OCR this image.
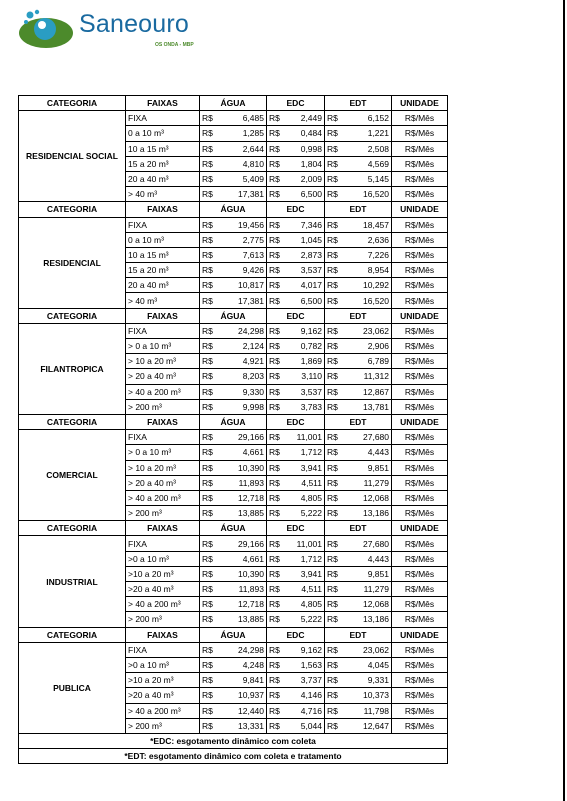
Saneouro
OS ONDA - MBP
CATEGORIA	FAIXAS	ÁGUA	EDC	EDT	UNIDADE
RESIDENCIAL SOCIAL	FIXA	R$ 6,485	R$ 2,449	R$ 6,152	R$/Mês
	0 a 10 m³	R$ 1,285	R$ 0,484	R$ 1,221	R$/Mês
	10 a 15 m³	R$ 2,644	R$ 0,998	R$ 2,508	R$/Mês
	15 a 20 m³	R$ 4,810	R$ 1,804	R$ 4,569	R$/Mês
	20 a 40 m³	R$ 5,409	R$ 2,009	R$ 5,145	R$/Mês
	> 40 m³	R$ 17,381	R$ 6,500	R$ 16,520	R$/Mês
CATEGORIA	FAIXAS	ÁGUA	EDC	EDT	UNIDADE
RESIDENCIAL	FIXA	R$ 19,456	R$ 7,346	R$ 18,457	R$/Mês
	0 a 10 m³	R$ 2,775	R$ 1,045	R$ 2,636	R$/Mês
	10 a 15 m³	R$ 7,613	R$ 2,873	R$ 7,226	R$/Mês
	15 a 20 m³	R$ 9,426	R$ 3,537	R$ 8,954	R$/Mês
	20 a 40 m³	R$ 10,817	R$ 4,017	R$ 10,292	R$/Mês
	> 40 m³	R$ 17,381	R$ 6,500	R$ 16,520	R$/Mês
CATEGORIA	FAIXAS	ÁGUA	EDC	EDT	UNIDADE
FILANTROPICA	FIXA	R$ 24,298	R$ 9,162	R$ 23,062	R$/Mês
	> 0 a 10 m³	R$ 2,124	R$ 0,782	R$ 2,906	R$/Mês
	> 10 a 20 m³	R$ 4,921	R$ 1,869	R$ 6,789	R$/Mês
	> 20 a 40 m³	R$ 8,203	R$ 3,110	R$ 11,312	R$/Mês
	> 40 a 200 m³	R$ 9,330	R$ 3,537	R$ 12,867	R$/Mês
	> 200 m³	R$ 9,998	R$ 3,783	R$ 13,781	R$/Mês
CATEGORIA	FAIXAS	ÁGUA	EDC	EDT	UNIDADE
COMERCIAL	FIXA	R$ 29,166	R$ 11,001	R$ 27,680	R$/Mês
	> 0 a 10 m³	R$ 4,661	R$ 1,712	R$ 4,443	R$/Mês
	> 10 a 20 m³	R$ 10,390	R$ 3,941	R$ 9,851	R$/Mês
	> 20 a 40 m³	R$ 11,893	R$ 4,511	R$ 11,279	R$/Mês
	> 40 a 200 m³	R$ 12,718	R$ 4,805	R$ 12,068	R$/Mês
	> 200 m³	R$ 13,885	R$ 5,222	R$ 13,186	R$/Mês
CATEGORIA	FAIXAS	ÁGUA	EDC	EDT	UNIDADE
INDUSTRIAL	FIXA	R$ 29,166	R$ 11,001	R$ 27,680	R$/Mês
	>0 a 10 m³	R$ 4,661	R$ 1,712	R$ 4,443	R$/Mês
	>10 a 20 m³	R$ 10,390	R$ 3,941	R$ 9,851	R$/Mês
	>20 a 40 m³	R$ 11,893	R$ 4,511	R$ 11,279	R$/Mês
	> 40 a 200 m³	R$ 12,718	R$ 4,805	R$ 12,068	R$/Mês
	> 200 m³	R$ 13,885	R$ 5,222	R$ 13,186	R$/Mês
CATEGORIA	FAIXAS	ÁGUA	EDC	EDT	UNIDADE
PUBLICA	FIXA	R$ 24,298	R$ 9,162	R$ 23,062	R$/Mês
	>0 a 10 m³	R$ 4,248	R$ 1,563	R$ 4,045	R$/Mês
	>10 a 20 m³	R$ 9,841	R$ 3,737	R$ 9,331	R$/Mês
	>20 a 40 m³	R$ 10,937	R$ 4,146	R$ 10,373	R$/Mês
	> 40 a 200 m³	R$ 12,440	R$ 4,716	R$ 11,798	R$/Mês
	> 200 m³	R$ 13,331	R$ 5,044	R$ 12,647	R$/Mês
*EDC: esgotamento dinâmico com coleta					
*EDT: esgotamento dinâmico com coleta e tratamento					
